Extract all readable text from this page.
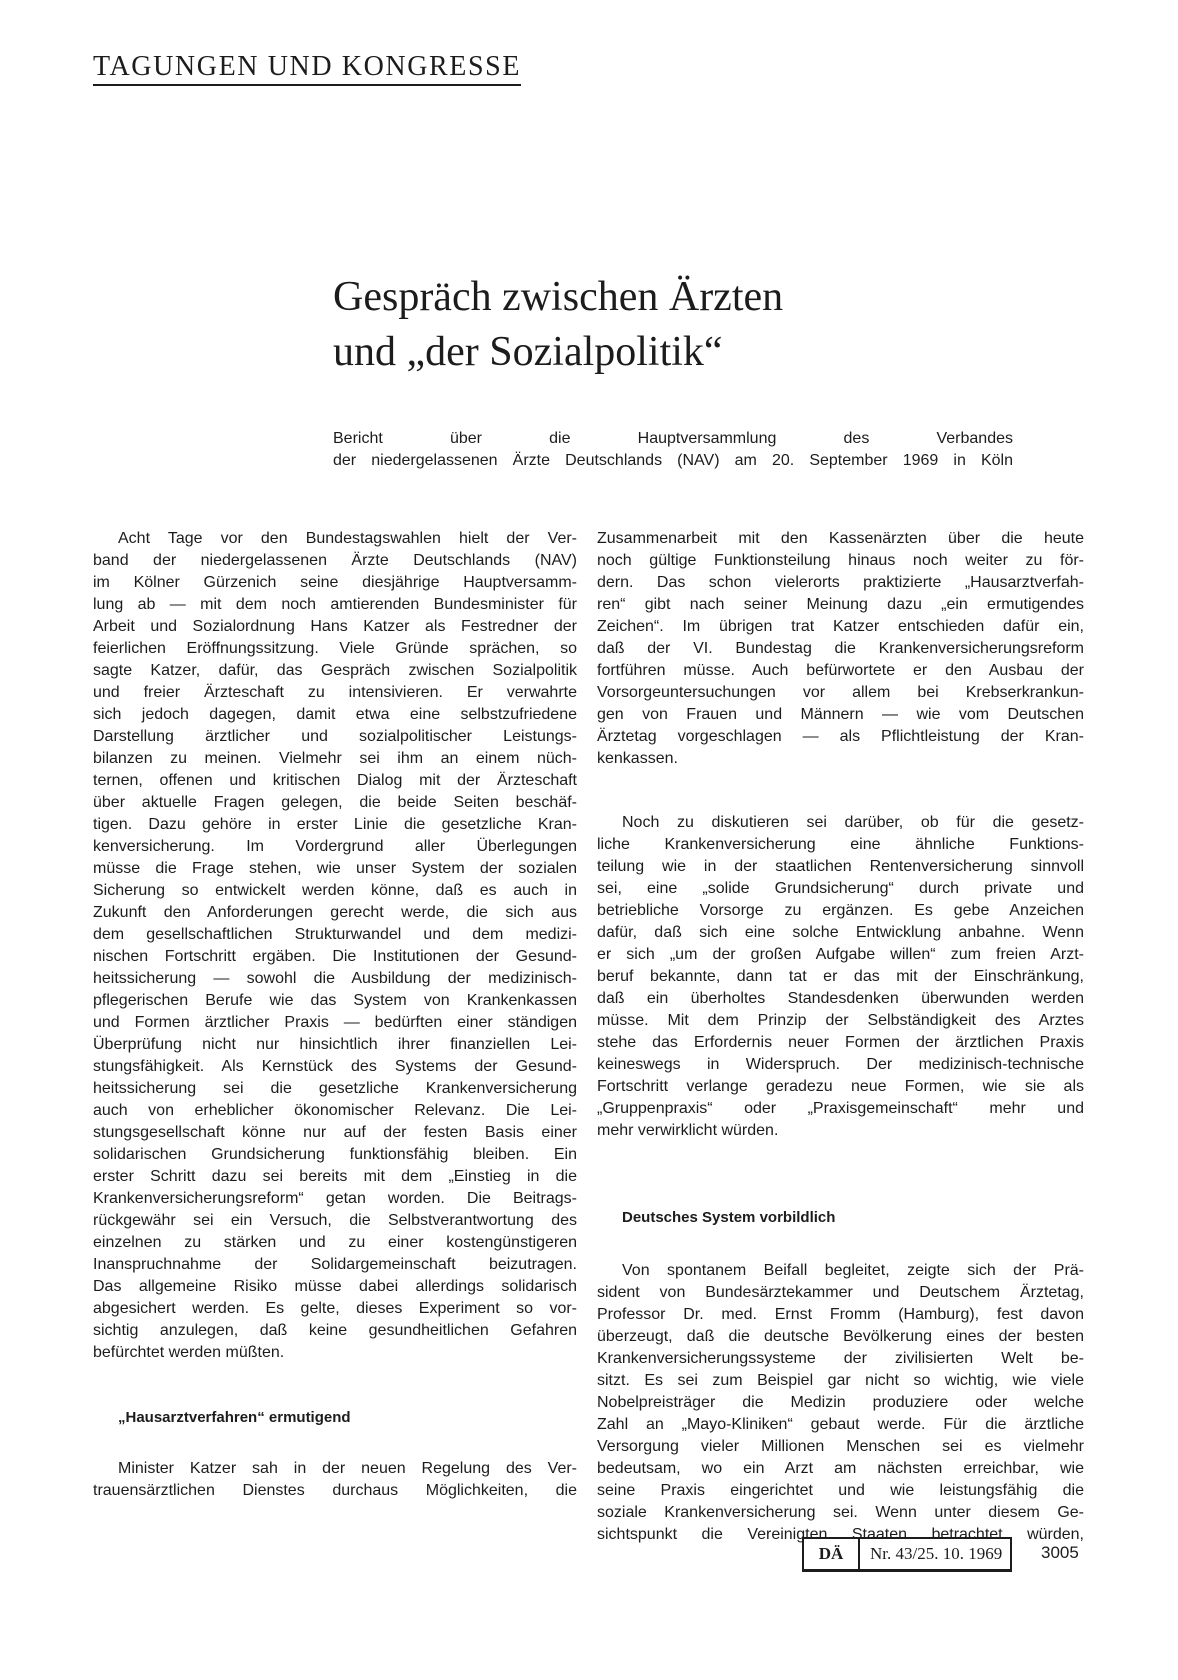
TAGUNGEN UND KONGRESSE
Gespräch zwischen Ärzten
und „der Sozialpolitik“
Bericht über die Hauptversammlung des Verbandes
der niedergelassenen Ärzte Deutschlands (NAV) am 20. September 1969 in Köln
Acht Tage vor den Bundestagswahlen hielt der Ver-
band der niedergelassenen Ärzte Deutschlands (NAV)
im Kölner Gürzenich seine diesjährige Hauptversamm-
lung ab — mit dem noch amtierenden Bundesminister für
Arbeit und Sozialordnung Hans Katzer als Festredner der
feierlichen Eröffnungssitzung. Viele Gründe sprächen, so
sagte Katzer, dafür, das Gespräch zwischen Sozialpolitik
und freier Ärzteschaft zu intensivieren. Er verwahrte
sich jedoch dagegen, damit etwa eine selbstzufriedene
Darstellung ärztlicher und sozialpolitischer Leistungs-
bilanzen zu meinen. Vielmehr sei ihm an einem nüch-
ternen, offenen und kritischen Dialog mit der Ärzteschaft
über aktuelle Fragen gelegen, die beide Seiten beschäf-
tigen. Dazu gehöre in erster Linie die gesetzliche Kran-
kenversicherung. Im Vordergrund aller Überlegungen
müsse die Frage stehen, wie unser System der sozialen
Sicherung so entwickelt werden könne, daß es auch in
Zukunft den Anforderungen gerecht werde, die sich aus
dem gesellschaftlichen Strukturwandel und dem medizi-
nischen Fortschritt ergäben. Die Institutionen der Gesund-
heitssicherung — sowohl die Ausbildung der medizinisch-
pflegerischen Berufe wie das System von Krankenkassen
und Formen ärztlicher Praxis — bedürften einer ständigen
Überprüfung nicht nur hinsichtlich ihrer finanziellen Lei-
stungsfähigkeit. Als Kernstück des Systems der Gesund-
heitssicherung sei die gesetzliche Krankenversicherung
auch von erheblicher ökonomischer Relevanz. Die Lei-
stungsgesellschaft könne nur auf der festen Basis einer
solidarischen Grundsicherung funktionsfähig bleiben. Ein
erster Schritt dazu sei bereits mit dem „Einstieg in die
Krankenversicherungsreform“ getan worden. Die Beitrags-
rückgewähr sei ein Versuch, die Selbstverantwortung des
einzelnen zu stärken und zu einer kostengünstigeren
Inanspruchnahme der Solidargemeinschaft beizutragen.
Das allgemeine Risiko müsse dabei allerdings solidarisch
abgesichert werden. Es gelte, dieses Experiment so vor-
sichtig anzulegen, daß keine gesundheitlichen Gefahren
befürchtet werden müßten.
„Hausarztverfahren“ ermutigend
Minister Katzer sah in der neuen Regelung des Ver-
trauensärztlichen Dienstes durchaus Möglichkeiten, die
Zusammenarbeit mit den Kassenärzten über die heute
noch gültige Funktionsteilung hinaus noch weiter zu för-
dern. Das schon vielerorts praktizierte „Hausarztverfah-
ren“ gibt nach seiner Meinung dazu „ein ermutigendes
Zeichen“. Im übrigen trat Katzer entschieden dafür ein,
daß der VI. Bundestag die Krankenversicherungsreform
fortführen müsse. Auch befürwortete er den Ausbau der
Vorsorgeuntersuchungen vor allem bei Krebserkrankun-
gen von Frauen und Männern — wie vom Deutschen
Ärztetag vorgeschlagen — als Pflichtleistung der Kran-
kenkassen.
Noch zu diskutieren sei darüber, ob für die gesetz-
liche Krankenversicherung eine ähnliche Funktions-
teilung wie in der staatlichen Rentenversicherung sinnvoll
sei, eine „solide Grundsicherung“ durch private und
betriebliche Vorsorge zu ergänzen. Es gebe Anzeichen
dafür, daß sich eine solche Entwicklung anbahne. Wenn
er sich „um der großen Aufgabe willen“ zum freien Arzt-
beruf bekannte, dann tat er das mit der Einschränkung,
daß ein überholtes Standesdenken überwunden werden
müsse. Mit dem Prinzip der Selbständigkeit des Arztes
stehe das Erfordernis neuer Formen der ärztlichen Praxis
keineswegs in Widerspruch. Der medizinisch-technische
Fortschritt verlange geradezu neue Formen, wie sie als
„Gruppenpraxis“ oder „Praxisgemeinschaft“ mehr und
mehr verwirklicht würden.
Deutsches System vorbildlich
Von spontanem Beifall begleitet, zeigte sich der Prä-
sident von Bundesärztekammer und Deutschem Ärztetag,
Professor Dr. med. Ernst Fromm (Hamburg), fest davon
überzeugt, daß die deutsche Bevölkerung eines der besten
Krankenversicherungssysteme der zivilisierten Welt be-
sitzt. Es sei zum Beispiel gar nicht so wichtig, wie viele
Nobelpreisträger die Medizin produziere oder welche
Zahl an „Mayo-Kliniken“ gebaut werde. Für die ärztliche
Versorgung vieler Millionen Menschen sei es vielmehr
bedeutsam, wo ein Arzt am nächsten erreichbar, wie
seine Praxis eingerichtet und wie leistungsfähig die
soziale Krankenversicherung sei. Wenn unter diesem Ge-
sichtspunkt die Vereinigten Staaten betrachtet würden,
DÄ	Nr. 43/25. 10. 1969	3005
